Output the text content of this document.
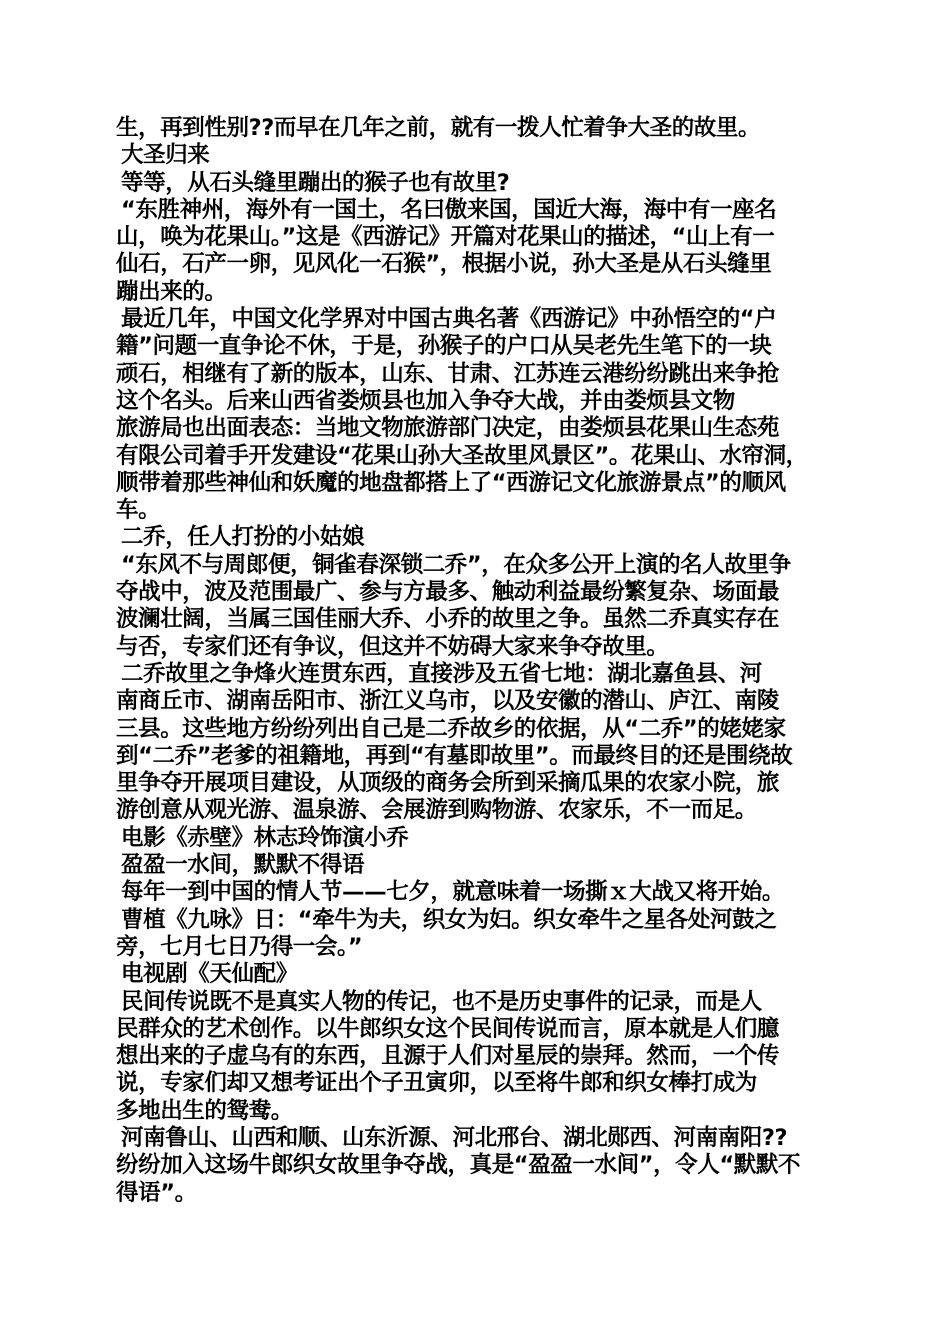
生，再到性别??而早在几年之前，就有一拨人忙着争大圣的故里。
大圣归来
等等，从石头缝里蹦出的猴子也有故里?
“东胜神州，海外有一国土，名曰傲来国，国近大海，海中有一座名
山，唤为花果山。”这是《西游记》开篇对花果山的描述，“山上有一
仙石，石产一卵，见风化一石猴”，根据小说，孙大圣是从石头缝里
蹦出来的。
最近几年，中国文化学界对中国古典名著《西游记》中孙悟空的“户
籍”问题一直争论不休，于是，孙猴子的户口从吴老先生笔下的一块
顽石，相继有了新的版本，山东、甘肃、江苏连云港纷纷跳出来争抢
这个名头。后来山西省娄烦县也加入争夺大战，并由娄烦县文物
旅游局也出面表态：当地文物旅游部门决定，由娄烦县花果山生态苑
有限公司着手开发建设“花果山孙大圣故里风景区”。花果山、水帘洞，
顺带着那些神仙和妖魔的地盘都搭上了“西游记文化旅游景点”的顺风
车。
二乔，任人打扮的小姑娘
“东风不与周郎便，铜雀春深锁二乔”，在众多公开上演的名人故里争
夺战中，波及范围最广、参与方最多、触动利益最纷繁复杂、场面最
波澜壮阔，当属三国佳丽大乔、小乔的故里之争。虽然二乔真实存在
与否，专家们还有争议，但这并不妨碍大家来争夺故里。
二乔故里之争烽火连贯东西，直接涉及五省七地：湖北嘉鱼县、河
南商丘市、湖南岳阳市、浙江义乌市，以及安徽的潜山、庐江、南陵
三县。这些地方纷纷列出自己是二乔故乡的依据，从“二乔”的姥姥家
到“二乔”老爹的祖籍地，再到“有墓即故里”。而最终目的还是围绕故
里争夺开展项目建设，从顶级的商务会所到采摘瓜果的农家小院，旅
游创意从观光游、温泉游、会展游到购物游、农家乐，不一而足。
电影《赤壁》林志玲饰演小乔
盈盈一水间，默默不得语
每年一到中国的情人节——七夕，就意味着一场撕ｘ大战又将开始。
曹植《九咏》日：“牵牛为夫，织女为妇。织女牵牛之星各处河鼓之
旁，七月七日乃得一会。”
电视剧《天仙配》
民间传说既不是真实人物的传记，也不是历史事件的记录，而是人
民群众的艺术创作。以牛郎织女这个民间传说而言，原本就是人们臆
想出来的子虚乌有的东西，且源于人们对星辰的崇拜。然而，一个传
说，专家们却又想考证出个子丑寅卯，以至将牛郎和织女棒打成为
多地出生的鸳鸯。
河南鲁山、山西和顺、山东沂源、河北邢台、湖北郧西、河南南阳??
纷纷加入这场牛郎织女故里争夺战，真是“盈盈一水间”，令人“默默不
得语”。
